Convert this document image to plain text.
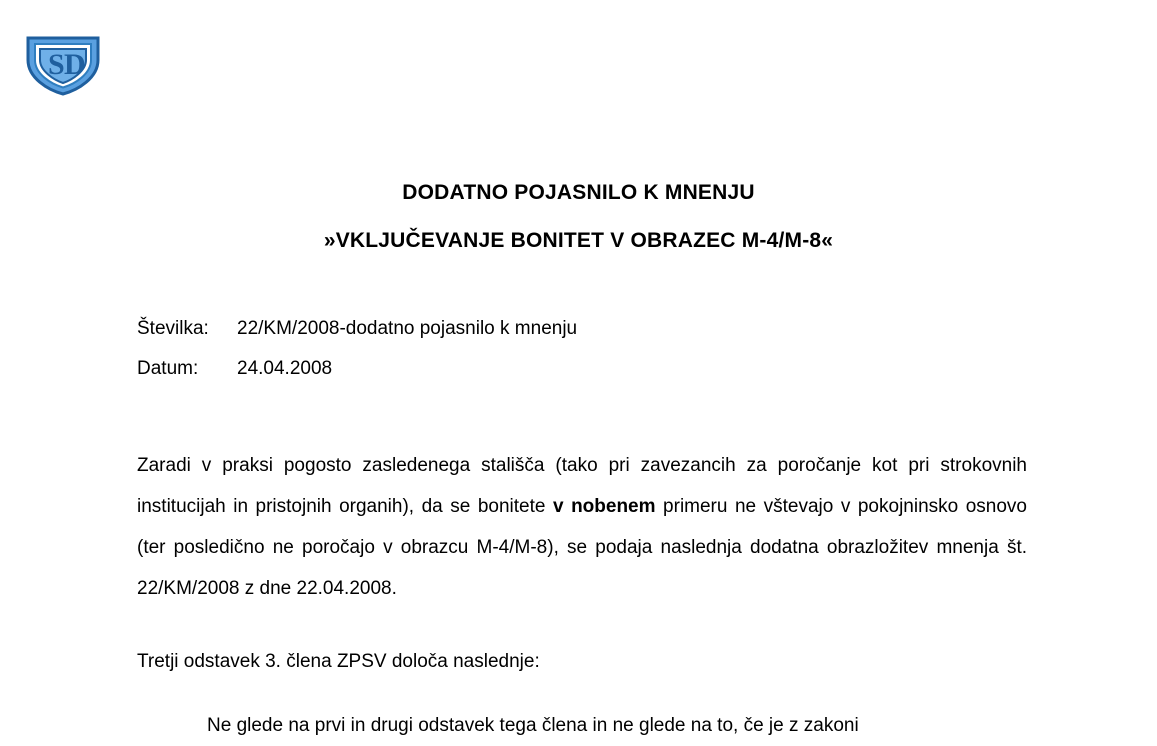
S D
DODATNO POJASNILO K MNENJU
»VKLJUČEVANJE BONITET V OBRAZEC M-4/M-8«
Številka:	22/KM/2008-dodatno pojasnilo k mnenju
Datum:	24.04.2008
Zaradi v praksi pogosto zasledenega stališča (tako pri zavezancih za poročanje kot pri strokovnih institucijah in pristojnih organih), da se bonitete v nobenem primeru ne vštevajo v pokojninsko osnovo (ter posledično ne poročajo v obrazcu M-4/M-8), se podaja naslednja dodatna obrazložitev mnenja št. 22/KM/2008 z dne 22.04.2008.
Tretji odstavek 3. člena ZPSV določa naslednje:
Ne glede na prvi in drugi odstavek tega člena in ne glede na to, če je z zakoni
